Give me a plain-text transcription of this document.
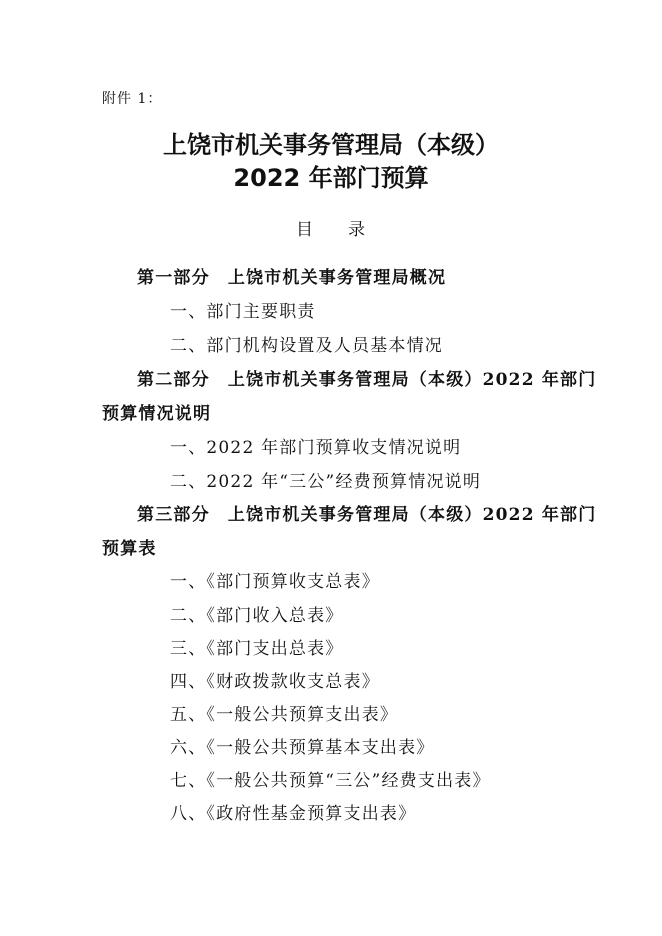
附件 1：
上饶市机关事务管理局（本级）
2022 年部门预算
目 录
第一部分 上饶市机关事务管理局概况
一、部门主要职责
二、部门机构设置及人员基本情况
第二部分 上饶市机关事务管理局（本级）2022 年部门
预算情况说明
一、2022 年部门预算收支情况说明
二、2022 年“三公”经费预算情况说明
第三部分 上饶市机关事务管理局（本级）2022 年部门
预算表
一、《部门预算收支总表》
二、《部门收入总表》
三、《部门支出总表》
四、《财政拨款收支总表》
五、《一般公共预算支出表》
六、《一般公共预算基本支出表》
七、《一般公共预算“三公”经费支出表》
八、《政府性基金预算支出表》
